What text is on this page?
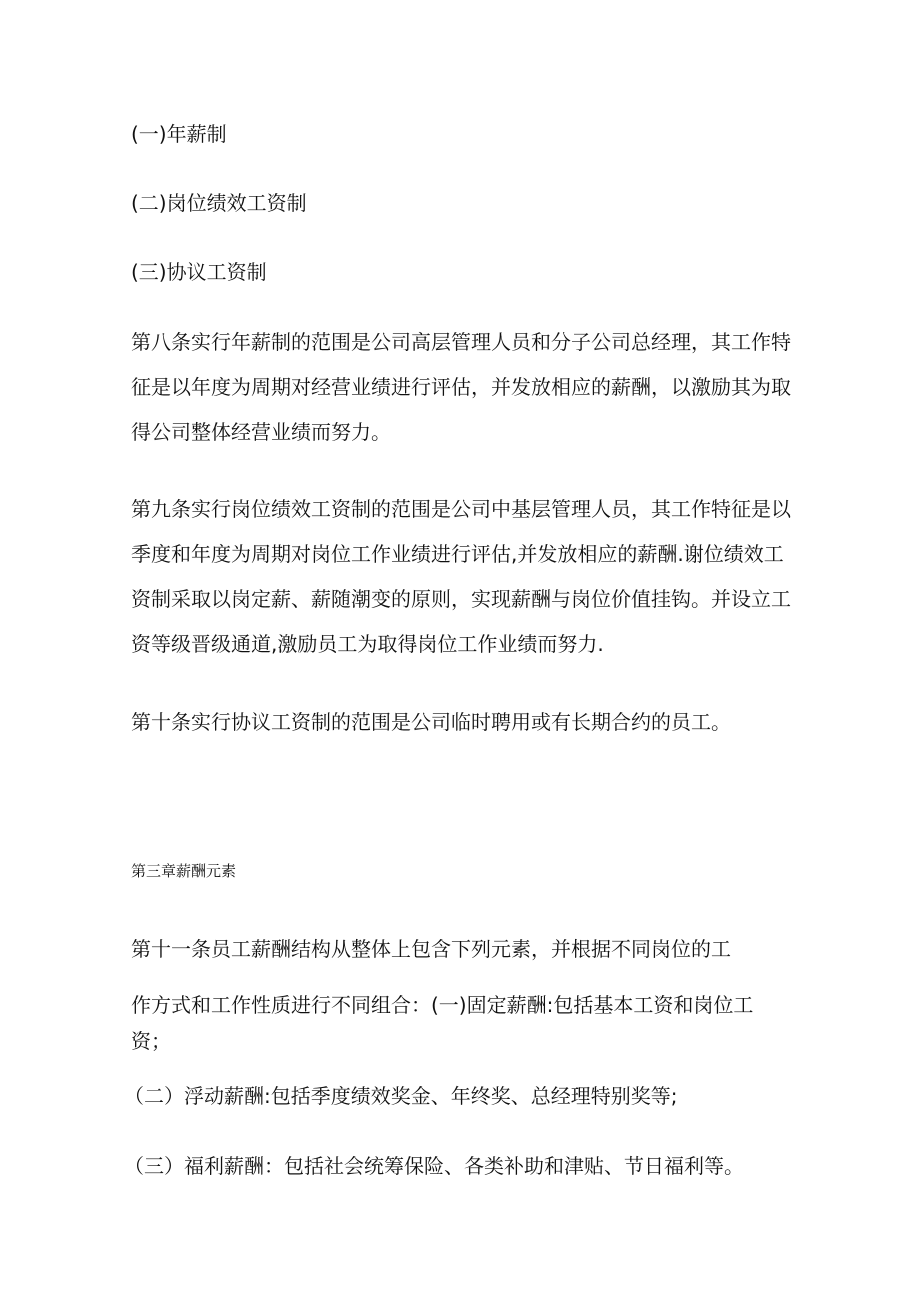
(一)年薪制

(二)岗位绩效工资制

(三)协议工资制

第八条实行年薪制的范围是公司高层管理人员和分子公司总经理，其工作特征是以年度为周期对经营业绩进行评估，并发放相应的薪酬，以激励其为取得公司整体经营业绩而努力。

第九条实行岗位绩效工资制的范围是公司中基层管理人员，其工作特征是以季度和年度为周期对岗位工作业绩进行评估,并发放相应的薪酬.谢位绩效工资制采取以岗定薪、薪随潮变的原则，实现薪酬与岗位价值挂钩。并设立工资等级晋级通道,激励员工为取得岗位工作业绩而努力.

第十条实行协议工资制的范围是公司临时聘用或有长期合约的员工。

第三章薪酬元素

第十一条员工薪酬结构从整体上包含下列元素，并根据不同岗位的工

作方式和工作性质进行不同组合：(一)固定薪酬:包括基本工资和岗位工资；

（二）浮动薪酬:包括季度绩效奖金、年终奖、总经理特别奖等;

（三）福利薪酬：包括社会统筹保险、各类补助和津贴、节日福利等。
